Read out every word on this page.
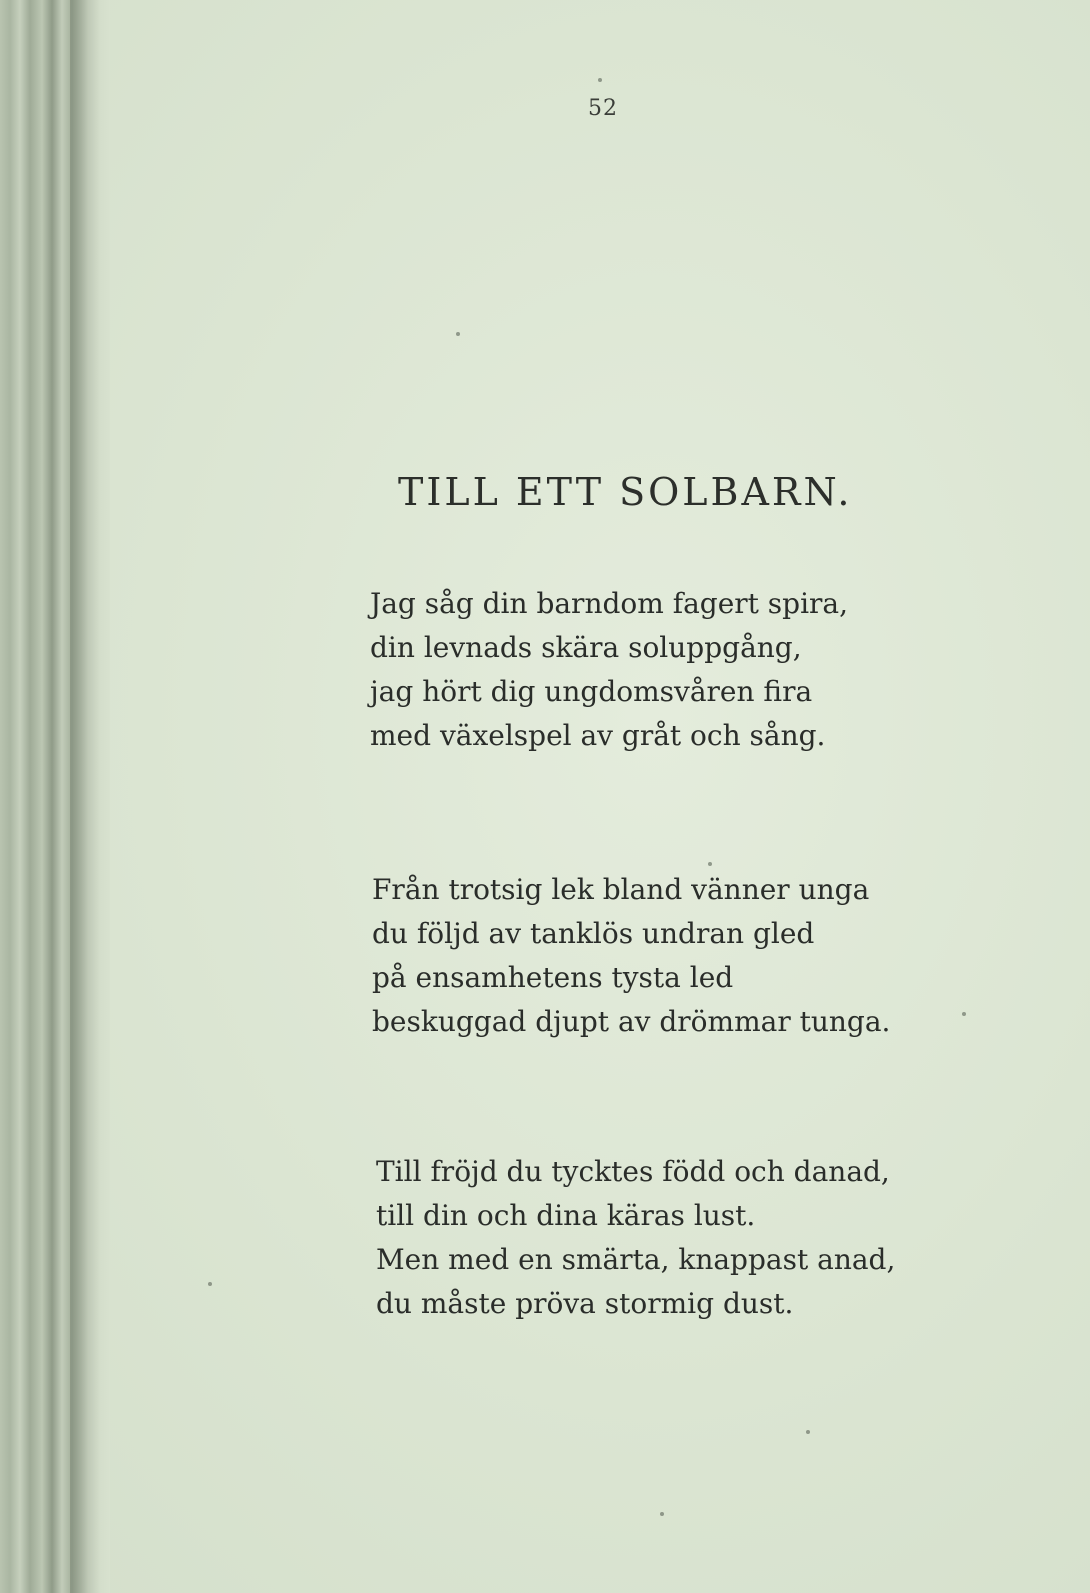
52
TILL ETT SOLBARN.

Jag såg din barndom fagert spira,
din levnads skära soluppgång,
jag hört dig ungdomsvåren fira
med växelspel av gråt och sång.

Från trotsig lek bland vänner unga
du följd av tanklös undran gled
på ensamhetens tysta led
beskuggad djupt av drömmar tunga.

Till fröjd du tycktes född och danad,
till din och dina käras lust.
Men med en smärta, knappast anad,
du måste pröva stormig dust.
